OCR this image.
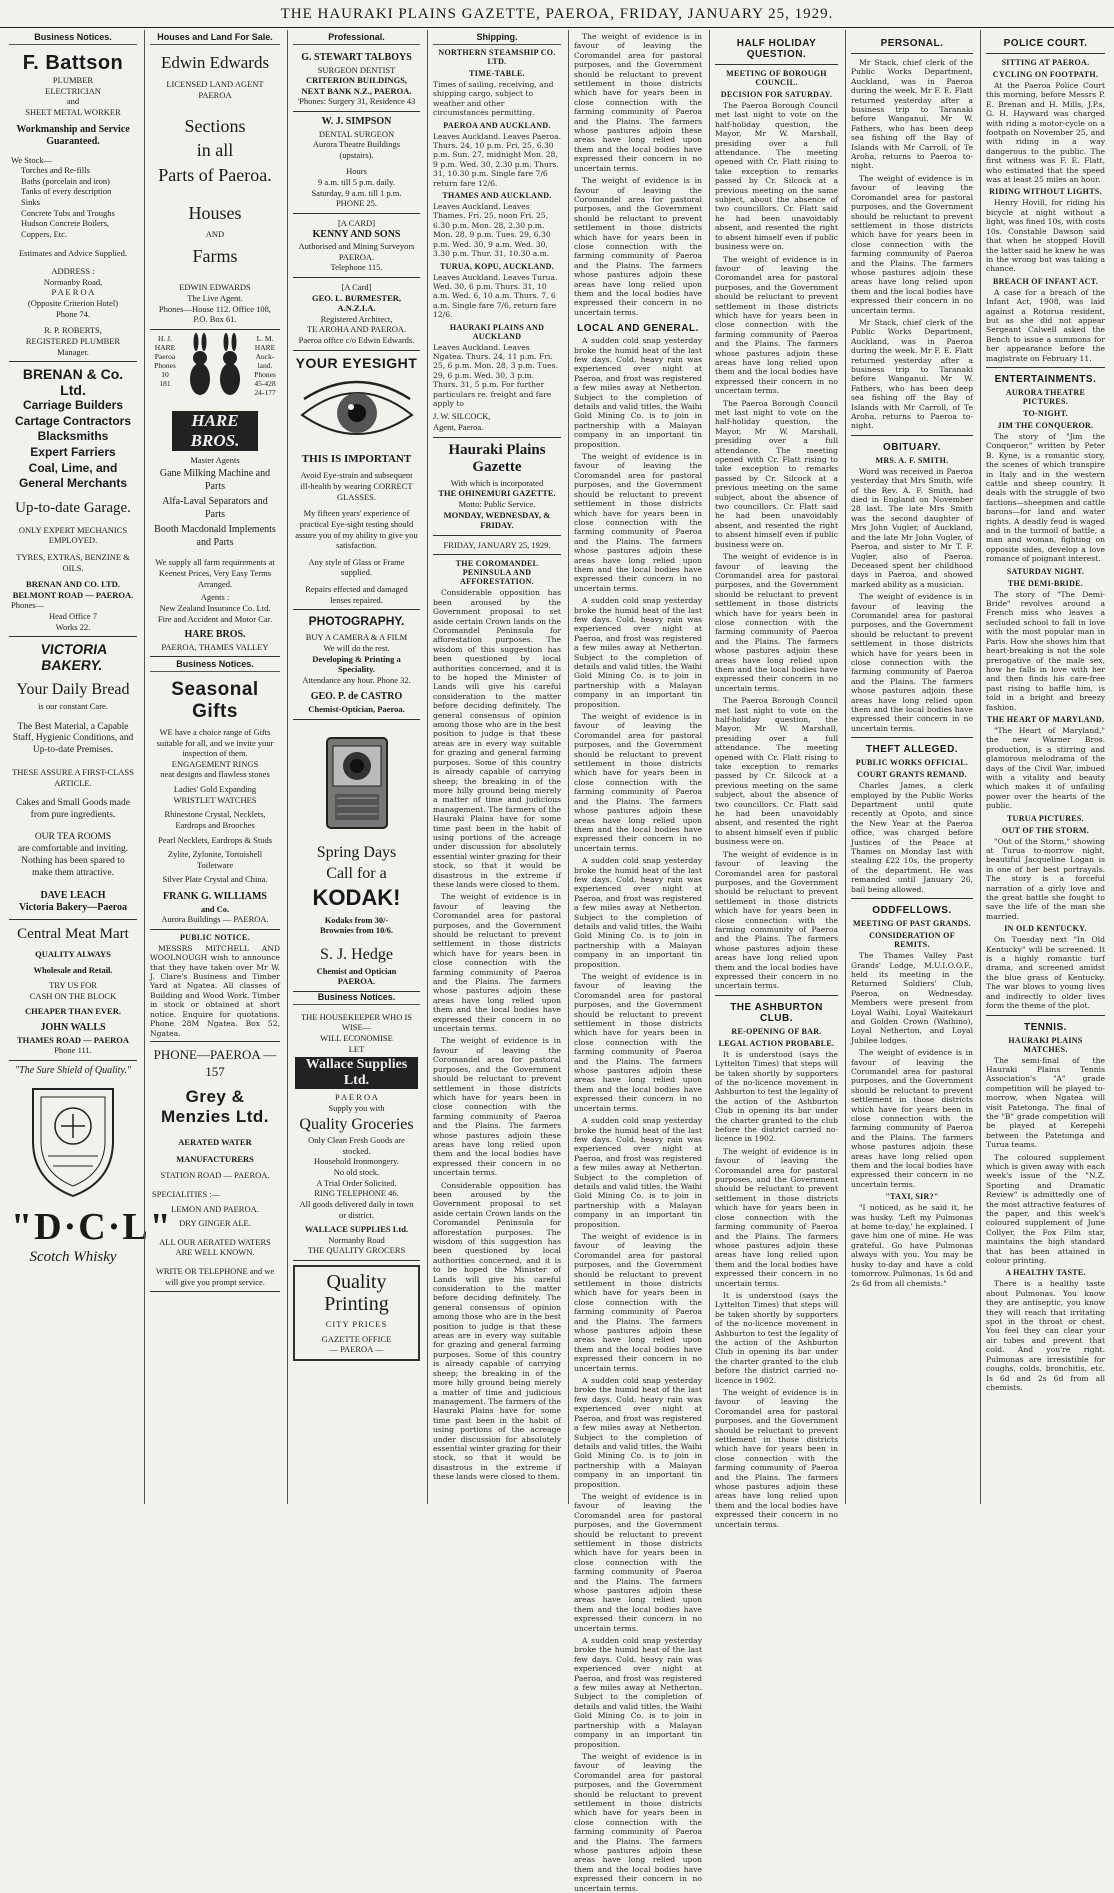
THE HAURAKI PLAINS GAZETTE, PAEROA, FRIDAY, JANUARY 25, 1929.
Business Notices.
F. Battson
PLUMBER
ELECTRICIAN
and
SHEET METAL WORKER
Workmanship and Service Guaranteed.
We Stock—
Torches and Re-fills
Baths (porcelain and iron)
Tanks of every description
Sinks
Concrete Tubs and Troughs
Hudson Concrete Boilers,
Coppers, Etc.
Estimates and Advice Supplied.
ADDRESS :
Normanby Road,
P A E R O A
(Opposite Criterion Hotel)
Phone 74.
R. P. ROBERTS,
REGISTERED PLUMBER
Manager.
BRENAN & Co. Ltd.
Carriage Builders
Cartage Contractors
Blacksmiths
Expert Farriers
Coal, Lime, and
General Merchants
Up-to-date Garage.
ONLY EXPERT MECHANICS EMPLOYED.
TYRES, EXTRAS, BENZINE & OILS.
BRENAN AND CO. LTD.
BELMONT ROAD — PAEROA.
Phones—
Head Office 7
Works 22.
VICTORIA BAKERY.
Your Daily Bread
is our constant Care.
The Best Material, a Capable Staff, Hygienic Conditions, and Up-to-date Premises.
THESE ASSURE A FIRST-CLASS ARTICLE.
Cakes and Small Goods made from pure ingredients.
OUR TEA ROOMS
are comfortable and inviting. Nothing has been spared to make them attractive.
DAVE LEACH
Victoria Bakery—Paeroa
Central Meat Mart
QUALITY ALWAYS
Wholesale and Retail.
TRY US FOR
CASH ON THE BLOCK
CHEAPER THAN EVER.
JOHN WALLS
THAMES ROAD — PAEROA
Phone 111.
"The Sure Shield of Quality."
"D·C·L"
Scotch Whisky
Houses and Land For Sale.
Edwin Edwards
LICENSED LAND AGENT
PAEROA
Sections
in all
Parts of Paeroa.
Houses
AND
Farms
EDWIN EDWARDS
The Live Agent.
Phones—House 112. Office 108,
P.O. Box 61.
H. J.
HARE
Paeroa
Phones
10
181
L. M.
HARE
Auck-
land.
Phones
45-428
24-177
HARE BROS.
Master Agents
Gane Milking Machine and Parts
Alfa-Laval Separators and Parts
Booth Macdonald Implements and Parts
We supply all farm requirements at Keenest Prices, Very Easy Terms Arranged.
Agents :
New Zealand Insurance Co. Ltd.
Fire and Accident and Motor Car.
HARE BROS.
PAEROA, THAMES VALLEY
Business Notices.
Seasonal Gifts
WE have a choice range of Gifts suitable for all, and we invite your inspection of them.
ENGAGEMENT RINGS
neat designs and flawless stones
Ladies' Gold Expanding WRISTLET WATCHES
Rhinestone Crystal, Necklets, Eardrops and Brooches
Pearl Necklets, Eardrops & Studs
Zylite, Zylonite, Tortoishell Toiletware
Silver Plate Crystal and China.
FRANK G. WILLIAMS
and Co.
Aurora Buildings — PAEROA.
PUBLIC NOTICE.
MESSRS MITCHELL AND WOOLNOUGH wish to announce that they have taken over Mr W. J. Clare's Business and Timber Yard at Ngatea. All classes of Building and Wood Work. Timber in stock or obtained at short notice. Enquire for quotations. Phone 28M Ngatea. Box 52, Ngatea.
PHONE—PAEROA — 157
Grey & Menzies Ltd.
AERATED WATER
MANUFACTURERS
STATION ROAD — PAEROA.
SPECIALITIES :—
LEMON AND PAEROA.
DRY GINGER ALE.
ALL OUR AERATED WATERS ARE WELL KNOWN.
WRITE OR TELEPHONE and we will give you prompt service.
Professional.
G. STEWART TALBOYS
SURGEON DENTIST
CRITERION BUILDINGS, NEXT BANK N.Z., PAEROA.
'Phones: Surgery 31, Residence 43
W. J. SIMPSON
DENTAL SURGEON
Aurora Theatre Buildings (upstairs).
Hours
9 a.m. till 5 p.m. daily.
Saturday, 9 a.m. till 1 p.m.
PHONE 25.
[A CARD]
KENNY AND SONS
Authorised and Mining Surveyors
PAEROA.
Telephone 115.
[A Card]
GEO. L. BURMESTER, A.N.Z.I.A.
Registered Architect,
TE AROHA AND PAEROA.
Paeroa office c/o Edwin Edwards.
YOUR EYESIGHT
THIS IS IMPORTANT
Avoid Eye-strain and subsequent ill-health by wearing CORRECT GLASSES.
My fifteen years' experience of practical Eye-sight testing should assure you of my ability to give you satisfaction.
Any style of Glass or Frame supplied.
Repairs effected and damaged lenses repaired.
PHOTOGRAPHY.
BUY A CAMERA & A FILM
We will do the rest.
Developing & Printing a Speciality.
Attendance any hour. Phone 32.
GEO. P. de CASTRO
Chemist-Optician, Paeroa.
Spring Days
Call for a
KODAK!
Kodaks from 30/-
Brownies from 10/6.
S. J. Hedge
Chemist and Optician
PAEROA.
Business Notices.
THE HOUSEKEEPER WHO IS WISE—
WILL ECONOMISE
LET
Wallace Supplies Ltd.
P A E R O A
Supply you with
Quality Groceries
Only Clean Fresh Goods are stocked.
Household Ironmongery.
No old stock.
A Trial Order Solicited.
RING TELEPHONE 46.
All goods delivered daily in town or district.
WALLACE SUPPLIES Ltd.
Normanby Road
THE QUALITY GROCERS
Quality
Printing
CITY PRICES
GAZETTE OFFICE
— PAEROA —
Shipping.
NORTHERN STEAMSHIP CO. LTD.
TIME-TABLE.
Times of sailing, receiving, and shipping cargo, subject to weather and other circumstances permitting.
PAEROA AND AUCKLAND.
Leaves Auckland. Leaves Paeroa. Thurs. 24, 10 p.m. Fri. 25, 6.30 p.m. Sun. 27, midnight Mon. 28, 9 p.m. Wed. 30, 2.30 p.m. Thurs. 31, 10.30 p.m. Single fare 7/6 return fare 12/6.
THAMES AND AUCKLAND.
Leaves Auckland. Leaves Thames. Fri. 25, noon Fri. 25, 6.30 p.m. Mon. 28, 2.30 p.m. Mon. 28, 9 p.m. Tues. 29, 6.30 p.m. Wed. 30, 9 a.m. Wed. 30, 3.30 p.m. Thur. 31, 10.30 a.m.
TURUA, KOPU, AUCKLAND.
Leaves Auckland. Leaves Turua. Wed. 30, 6 p.m. Thurs. 31, 10 a.m. Wed. 6, 10 a.m. Thurs. 7, 6 a.m. Single fare 7/6, return fare 12/6.
HAURAKI PLAINS AND AUCKLAND
Leaves Auckland. Leaves Ngatea. Thurs. 24, 11 p.m. Fri. 25, 6 p.m. Mon. 28, 3 p.m. Tues. 29, 6 p.m. Wed. 30, 3 p.m. Thurs. 31, 5 p.m. For further particulars re. freight and fare apply to
J. W. SILCOCK,
Agent, Paeroa.
Hauraki Plains Gazette
With which is incorporated
THE OHINEMURI GAZETTE.
Motto: Public Service.
MONDAY, WEDNESDAY, & FRIDAY.
FRIDAY, JANUARY 25, 1929.
THE COROMANDEL PENINSULA AND AFFORESTATION.
Considerable opposition has been aroused by the Government proposal to set aside certain Crown lands on the Coromandel Peninsula for afforestation purposes. The wisdom of this suggestion has been questioned by local authorities concerned, and it is to be hoped the Minister of Lands will give his careful consideration to the matter before deciding definitely. The general consensus of opinion among those who are in the best position to judge is that these areas are in every way suitable for grazing and general farming purposes. Some of this country is already capable of carrying sheep; the breaking in of the more hilly ground being merely a matter of time and judicious management. The farmers of the Hauraki Plains have for some time past been in the habit of using portions of the acreage under discussion for absolutely essential winter grazing for their stock, so that it would be disastrous in the extreme if these lands were closed to them.
The weight of evidence is in favour of leaving the Coromandel area for pastoral purposes, and the Government should be reluctant to prevent settlement in those districts which have for years been in close connection with the farming community of Paeroa and the Plains. The farmers whose pastures adjoin these areas have long relied upon them and the local bodies have expressed their concern in no uncertain terms.
The weight of evidence is in favour of leaving the Coromandel area for pastoral purposes, and the Government should be reluctant to prevent settlement in those districts which have for years been in close connection with the farming community of Paeroa and the Plains. The farmers whose pastures adjoin these areas have long relied upon them and the local bodies have expressed their concern in no uncertain terms.
Considerable opposition has been aroused by the Government proposal to set aside certain Crown lands on the Coromandel Peninsula for afforestation purposes. The wisdom of this suggestion has been questioned by local authorities concerned, and it is to be hoped the Minister of Lands will give his careful consideration to the matter before deciding definitely. The general consensus of opinion among those who are in the best position to judge is that these areas are in every way suitable for grazing and general farming purposes. Some of this country is already capable of carrying sheep; the breaking in of the more hilly ground being merely a matter of time and judicious management. The farmers of the Hauraki Plains have for some time past been in the habit of using portions of the acreage under discussion for absolutely essential winter grazing for their stock, so that it would be disastrous in the extreme if these lands were closed to them.
The weight of evidence is in favour of leaving the Coromandel area for pastoral purposes, and the Government should be reluctant to prevent settlement in those districts which have for years been in close connection with the farming community of Paeroa and the Plains. The farmers whose pastures adjoin these areas have long relied upon them and the local bodies have expressed their concern in no uncertain terms.
The weight of evidence is in favour of leaving the Coromandel area for pastoral purposes, and the Government should be reluctant to prevent settlement in those districts which have for years been in close connection with the farming community of Paeroa and the Plains. The farmers whose pastures adjoin these areas have long relied upon them and the local bodies have expressed their concern in no uncertain terms.
LOCAL AND GENERAL.
A sudden cold snap yesterday broke the humid heat of the last few days. Cold, heavy rain was experienced over night at Paeroa, and frost was registered a few miles away at Netherton. Subject to the completion of details and valid titles, the Waihi Gold Mining Co. is to join in partnership with a Malayan company in an important tin proposition.
The weight of evidence is in favour of leaving the Coromandel area for pastoral purposes, and the Government should be reluctant to prevent settlement in those districts which have for years been in close connection with the farming community of Paeroa and the Plains. The farmers whose pastures adjoin these areas have long relied upon them and the local bodies have expressed their concern in no uncertain terms.
A sudden cold snap yesterday broke the humid heat of the last few days. Cold, heavy rain was experienced over night at Paeroa, and frost was registered a few miles away at Netherton. Subject to the completion of details and valid titles, the Waihi Gold Mining Co. is to join in partnership with a Malayan company in an important tin proposition.
The weight of evidence is in favour of leaving the Coromandel area for pastoral purposes, and the Government should be reluctant to prevent settlement in those districts which have for years been in close connection with the farming community of Paeroa and the Plains. The farmers whose pastures adjoin these areas have long relied upon them and the local bodies have expressed their concern in no uncertain terms.
A sudden cold snap yesterday broke the humid heat of the last few days. Cold, heavy rain was experienced over night at Paeroa, and frost was registered a few miles away at Netherton. Subject to the completion of details and valid titles, the Waihi Gold Mining Co. is to join in partnership with a Malayan company in an important tin proposition.
The weight of evidence is in favour of leaving the Coromandel area for pastoral purposes, and the Government should be reluctant to prevent settlement in those districts which have for years been in close connection with the farming community of Paeroa and the Plains. The farmers whose pastures adjoin these areas have long relied upon them and the local bodies have expressed their concern in no uncertain terms.
A sudden cold snap yesterday broke the humid heat of the last few days. Cold, heavy rain was experienced over night at Paeroa, and frost was registered a few miles away at Netherton. Subject to the completion of details and valid titles, the Waihi Gold Mining Co. is to join in partnership with a Malayan company in an important tin proposition.
The weight of evidence is in favour of leaving the Coromandel area for pastoral purposes, and the Government should be reluctant to prevent settlement in those districts which have for years been in close connection with the farming community of Paeroa and the Plains. The farmers whose pastures adjoin these areas have long relied upon them and the local bodies have expressed their concern in no uncertain terms.
A sudden cold snap yesterday broke the humid heat of the last few days. Cold, heavy rain was experienced over night at Paeroa, and frost was registered a few miles away at Netherton. Subject to the completion of details and valid titles, the Waihi Gold Mining Co. is to join in partnership with a Malayan company in an important tin proposition.
The weight of evidence is in favour of leaving the Coromandel area for pastoral purposes, and the Government should be reluctant to prevent settlement in those districts which have for years been in close connection with the farming community of Paeroa and the Plains. The farmers whose pastures adjoin these areas have long relied upon them and the local bodies have expressed their concern in no uncertain terms.
A sudden cold snap yesterday broke the humid heat of the last few days. Cold, heavy rain was experienced over night at Paeroa, and frost was registered a few miles away at Netherton. Subject to the completion of details and valid titles, the Waihi Gold Mining Co. is to join in partnership with a Malayan company in an important tin proposition.
The weight of evidence is in favour of leaving the Coromandel area for pastoral purposes, and the Government should be reluctant to prevent settlement in those districts which have for years been in close connection with the farming community of Paeroa and the Plains. The farmers whose pastures adjoin these areas have long relied upon them and the local bodies have expressed their concern in no uncertain terms.
HALF HOLIDAY QUESTION.
MEETING OF BOROUGH COUNCIL.
DECISION FOR SATURDAY.
The Paeroa Borough Council met last night to vote on the half-holiday question, the Mayor, Mr W. Marshall, presiding over a full attendance. The meeting opened with Cr. Flatt rising to take exception to remarks passed by Cr. Silcock at a previous meeting on the same subject, about the absence of two councillors. Cr. Flatt said he had been unavoidably absent, and resented the right to absent himself even if public business were on.
The weight of evidence is in favour of leaving the Coromandel area for pastoral purposes, and the Government should be reluctant to prevent settlement in those districts which have for years been in close connection with the farming community of Paeroa and the Plains. The farmers whose pastures adjoin these areas have long relied upon them and the local bodies have expressed their concern in no uncertain terms.
The Paeroa Borough Council met last night to vote on the half-holiday question, the Mayor, Mr W. Marshall, presiding over a full attendance. The meeting opened with Cr. Flatt rising to take exception to remarks passed by Cr. Silcock at a previous meeting on the same subject, about the absence of two councillors. Cr. Flatt said he had been unavoidably absent, and resented the right to absent himself even if public business were on.
The weight of evidence is in favour of leaving the Coromandel area for pastoral purposes, and the Government should be reluctant to prevent settlement in those districts which have for years been in close connection with the farming community of Paeroa and the Plains. The farmers whose pastures adjoin these areas have long relied upon them and the local bodies have expressed their concern in no uncertain terms.
The Paeroa Borough Council met last night to vote on the half-holiday question, the Mayor, Mr W. Marshall, presiding over a full attendance. The meeting opened with Cr. Flatt rising to take exception to remarks passed by Cr. Silcock at a previous meeting on the same subject, about the absence of two councillors. Cr. Flatt said he had been unavoidably absent, and resented the right to absent himself even if public business were on.
The weight of evidence is in favour of leaving the Coromandel area for pastoral purposes, and the Government should be reluctant to prevent settlement in those districts which have for years been in close connection with the farming community of Paeroa and the Plains. The farmers whose pastures adjoin these areas have long relied upon them and the local bodies have expressed their concern in no uncertain terms.
THE ASHBURTON CLUB.
RE-OPENING OF BAR.
LEGAL ACTION PROBABLE.
It is understood (says the Lyttelton Times) that steps will be taken shortly by supporters of the no-licence movement in Ashburton to test the legality of the action of the Ashburton Club in opening its bar under the charter granted to the club before the district carried no-licence in 1902.
The weight of evidence is in favour of leaving the Coromandel area for pastoral purposes, and the Government should be reluctant to prevent settlement in those districts which have for years been in close connection with the farming community of Paeroa and the Plains. The farmers whose pastures adjoin these areas have long relied upon them and the local bodies have expressed their concern in no uncertain terms.
It is understood (says the Lyttelton Times) that steps will be taken shortly by supporters of the no-licence movement in Ashburton to test the legality of the action of the Ashburton Club in opening its bar under the charter granted to the club before the district carried no-licence in 1902.
The weight of evidence is in favour of leaving the Coromandel area for pastoral purposes, and the Government should be reluctant to prevent settlement in those districts which have for years been in close connection with the farming community of Paeroa and the Plains. The farmers whose pastures adjoin these areas have long relied upon them and the local bodies have expressed their concern in no uncertain terms.
PERSONAL.
Mr Stack, chief clerk of the Public Works Department, Auckland, was in Paeroa during the week. Mr F. E. Flatt returned yesterday after a business trip to Taranaki before Wanganui. Mr W. Fathers, who has been deep sea fishing off the Bay of Islands with Mr Carroll, of Te Aroha, returns to Paeroa to-night.
The weight of evidence is in favour of leaving the Coromandel area for pastoral purposes, and the Government should be reluctant to prevent settlement in those districts which have for years been in close connection with the farming community of Paeroa and the Plains. The farmers whose pastures adjoin these areas have long relied upon them and the local bodies have expressed their concern in no uncertain terms.
Mr Stack, chief clerk of the Public Works Department, Auckland, was in Paeroa during the week. Mr F. E. Flatt returned yesterday after a business trip to Taranaki before Wanganui. Mr W. Fathers, who has been deep sea fishing off the Bay of Islands with Mr Carroll, of Te Aroha, returns to Paeroa to-night.
OBITUARY.
MRS. A. F. SMITH.
Word was received in Paeroa yesterday that Mrs Smith, wife of the Rev. A. F. Smith, had died in England on November 28 last. The late Mrs Smith was the second daughter of Mrs John Vugler, of Auckland, and the late Mr John Vugler, of Paeroa, and sister to Mr T. F. Vugler, also of Paeroa. Deceased spent her childhood days in Paeroa, and showed marked ability as a musician.
The weight of evidence is in favour of leaving the Coromandel area for pastoral purposes, and the Government should be reluctant to prevent settlement in those districts which have for years been in close connection with the farming community of Paeroa and the Plains. The farmers whose pastures adjoin these areas have long relied upon them and the local bodies have expressed their concern in no uncertain terms.
THEFT ALLEGED.
PUBLIC WORKS OFFICIAL.
COURT GRANTS REMAND.
Charles James, a clerk employed by the Public Works Department until quite recently at Opoto, and since the New Year at the Paeroa office, was charged before Justices of the Peace at Thames on Monday last with stealing £22 10s, the property of the department. He was remanded until January 26, bail being allowed.
ODDFELLOWS.
MEETING OF PAST GRANDS.
CONSIDERATION OF REMITS.
The Thames Valley Past Grands' Lodge, M.U.I.O.O.F., held its meeting in the Returned Soldiers' Club, Paeroa, on Wednesday. Members were present from Loyal Waihi, Loyal Waitekauri and Golden Crown (Waihino), Loyal Netherton, and Loyal Jubilee lodges.
The weight of evidence is in favour of leaving the Coromandel area for pastoral purposes, and the Government should be reluctant to prevent settlement in those districts which have for years been in close connection with the farming community of Paeroa and the Plains. The farmers whose pastures adjoin these areas have long relied upon them and the local bodies have expressed their concern in no uncertain terms.
"TAXI, SIR?"
"I noticed, as he said it, he was husky. 'Left my Pulmonas at home to-day,' he explained. I gave him one of mine. He was grateful. Go have Pulmonas always with you. You may be husky to-day and have a cold tomorrow. Pulmonas, 1s 6d and 2s 6d from all chemists."
POLICE COURT.
SITTING AT PAEROA.
CYCLING ON FOOTPATH.
At the Paeroa Police Court this morning, before Messrs P. E. Brenan and H. Mills, J.P.s, G. H. Hayward was charged with riding a motor-cycle on a footpath on November 25, and with riding in a way dangerous to the public. The first witness was F. E. Flatt, who estimated that the speed was at least 25 miles an hour.
RIDING WITHOUT LIGHTS.
Henry Hovill, for riding his bicycle at night without a light, was fined 10s, with costs 10s. Constable Dawson said that when he stopped Hovill the latter said he knew he was in the wrong but was taking a chance.
BREACH OF INFANT ACT.
A case for a breach of the Infant Act, 1908, was laid against a Rotorua resident, but as she did not appear Sergeant Calwell asked the Bench to issue a summons for her appearance before the magistrate on February 11.
ENTERTAINMENTS.
AURORA THEATRE PICTURES.
TO-NIGHT.
JIM THE CONQUEROR.
The story of "Jim the Conqueror," written by Peter B. Kyne, is a romantic story, the scenes of which transpire in Italy and in the western cattle and sheep country. It deals with the struggle of two factions—sheepmen and cattle barons—for land and water rights. A deadly feud is waged and in the turmoil of battle, a man and woman, fighting on opposite sides, develop a love romance of poignant interest.
SATURDAY NIGHT.
THE DEMI-BRIDE.
The story of "The Demi-Bride" revolves around a French miss who leaves a secluded school to fall in love with the most popular man in Paris. How she shows him that heart-breaking is not the sole prerogative of the male sex, how he falls in love with her and then finds his care-free past rising to baffle him, is told in a bright and breezy fashion.
THE HEART OF MARYLAND.
"The Heart of Maryland," the new Warner Bros. production, is a stirring and glamorous melodrama of the days of the Civil War, imbued with a vitality and beauty which makes it of unfailing power over the hearts of the public.
TURUA PICTURES.
OUT OF THE STORM.
"Out of the Storm," showing at Turua to-morrow night, beautiful Jacqueline Logan is in one of her best portrayals. The story is a forceful narration of a girly love and the great battle she fought to save the life of the man she married.
IN OLD KENTUCKY.
On Tuesday next "In Old Kentucky" will be screened. It is a highly romantic turf drama, and screened amidst the blue grass of Kentucky. The war blows to young lives and indirectly to older lives form the theme of the plot.
TENNIS.
HAURAKI PLAINS MATCHES.
The semi-final of the Hauraki Plains Tennis Association's "A" grade competition will be played to-morrow, when Ngatea will visit Patetonga. The final of the "B" grade competition will be played at Kerepehi between the Patetonga and Turua teams.
The coloured supplement which is given away with each week's issue of the "N.Z. Sporting and Dramatic Review" is admittedly one of the most attractive features of the paper, and this week's coloured supplement of June Collyer, the Fox Film star, maintains the high standard that has been attained in colour printing.
A HEALTHY TASTE.
There is a healthy taste about Pulmonas. You know they are antiseptic, you know they will reach that irritating spot in the throat or chest. You feel they can clear your air tubes and prevent that cold. And you're right. Pulmonas are irresistible for coughs, colds, bronchitis, etc. Is 6d and 2s 6d from all chemists.
